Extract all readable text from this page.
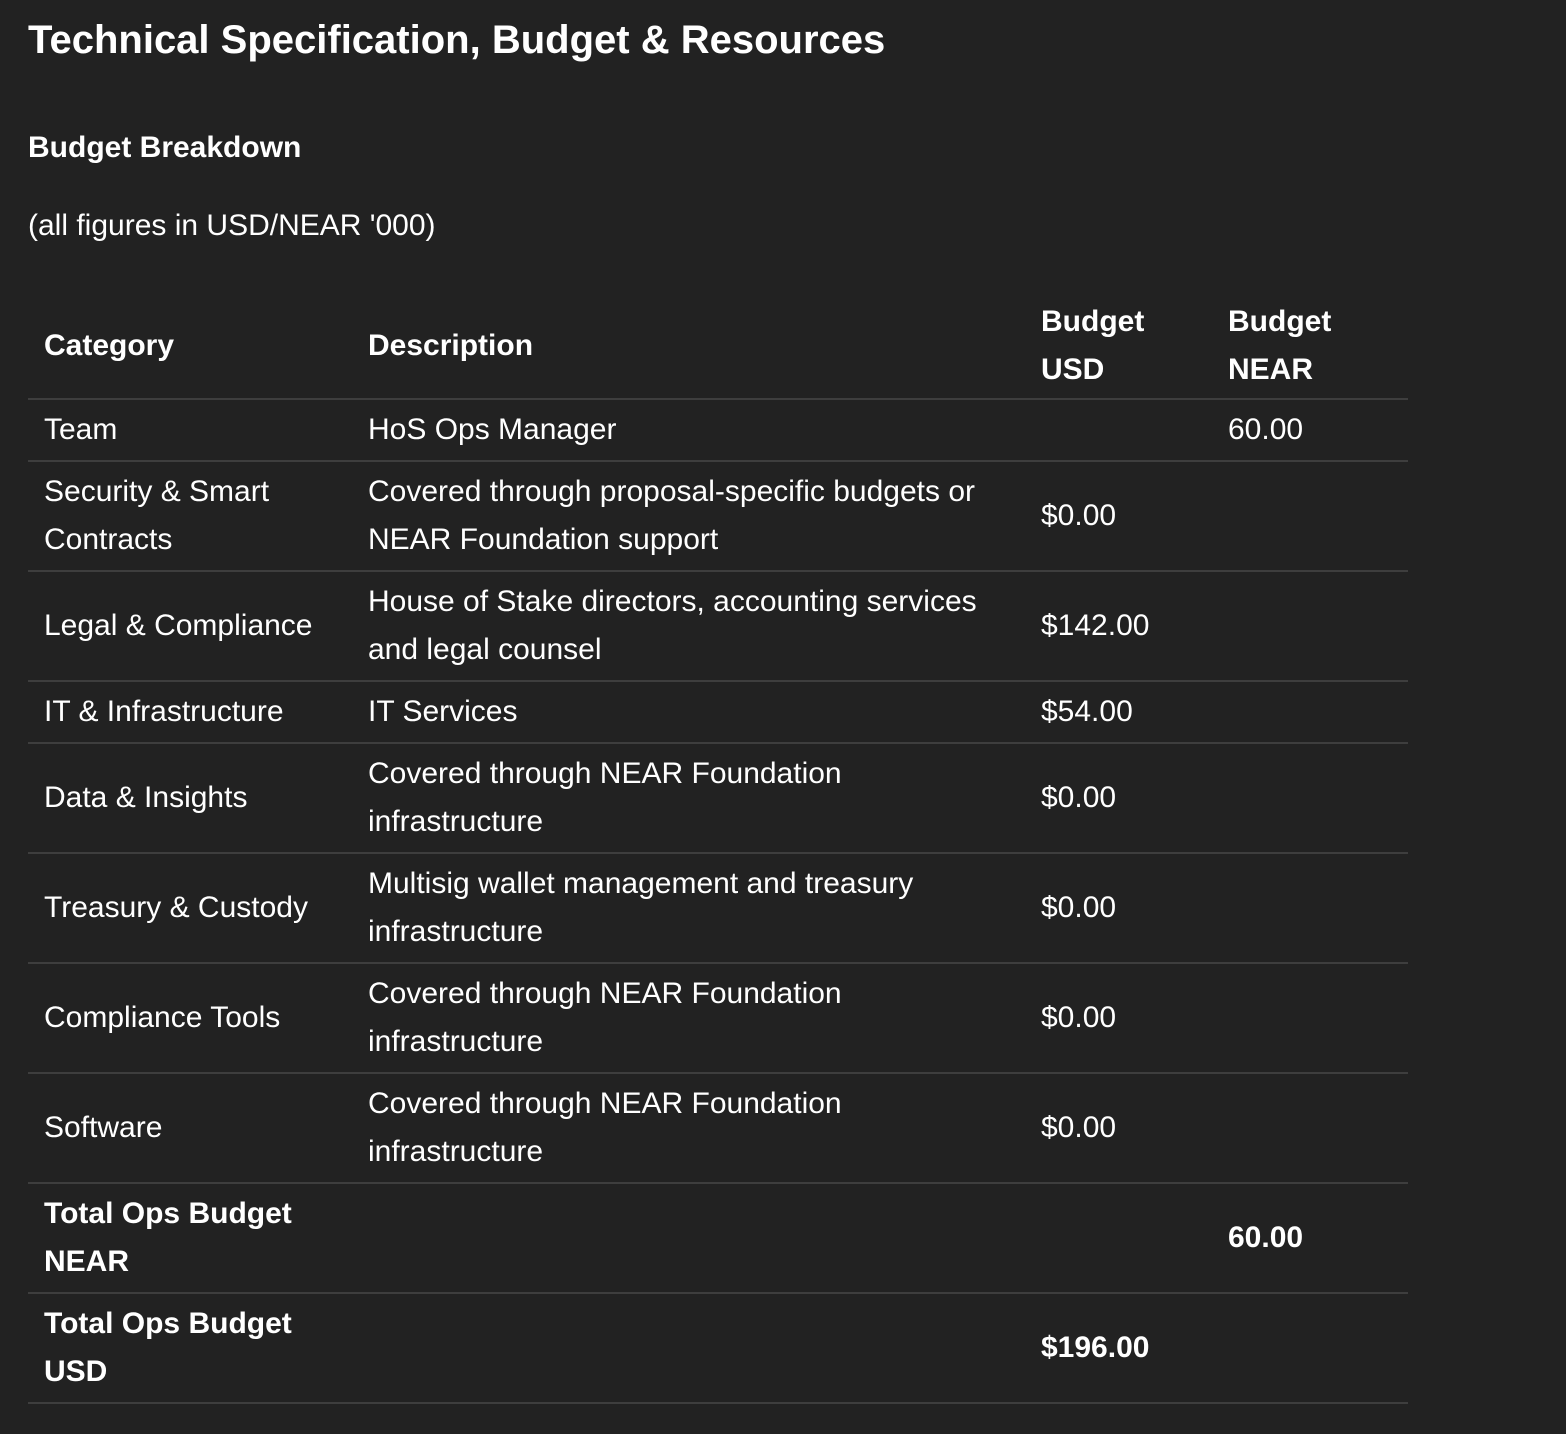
Technical Specification, Budget & Resources
Budget Breakdown

(all figures in USD/NEAR '000)

Category	Description	Budget USD	Budget NEAR
Team	HoS Ops Manager		60.00
Security & Smart Contracts	Covered through proposal-specific budgets or NEAR Foundation support	$0.00	
Legal & Compliance	House of Stake directors, accounting services and legal counsel	$142.00	
IT & Infrastructure	IT Services	$54.00	
Data & Insights	Covered through NEAR Foundation infrastructure	$0.00	
Treasury & Custody	Multisig wallet management and treasury infrastructure	$0.00	
Compliance Tools	Covered through NEAR Foundation infrastructure	$0.00	
Software	Covered through NEAR Foundation infrastructure	$0.00	
Total Ops Budget NEAR			60.00
Total Ops Budget USD		$196.00	
